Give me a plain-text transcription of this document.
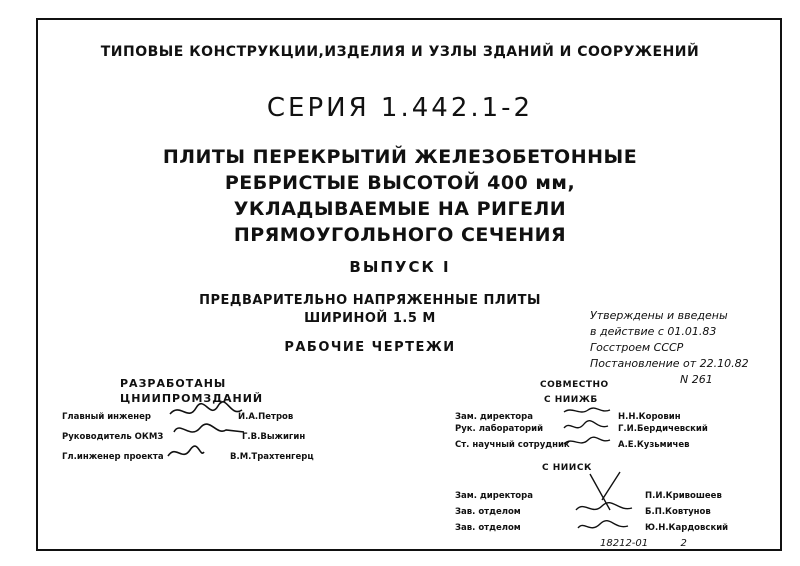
ТИПОВЫЕ КОНСТРУКЦИИ,ИЗДЕЛИЯ И УЗЛЫ ЗДАНИЙ И СООРУЖЕНИЙ
СЕРИЯ 1.442.1-2
ПЛИТЫ ПЕРЕКРЫТИЙ ЖЕЛЕЗОБЕТОННЫЕ
РЕБРИСТЫЕ ВЫСОТОЙ 400 мм,
УКЛАДЫВАЕМЫЕ НА РИГЕЛИ
ПРЯМОУГОЛЬНОГО СЕЧЕНИЯ
ВЫПУСК I
ПРЕДВАРИТЕЛЬНО НАПРЯЖЕННЫЕ ПЛИТЫ
ШИРИНОЙ 1.5 М
РАБОЧИЕ ЧЕРТЕЖИ
Утверждены и введены
в действие с 01.01.83
Госстроем СССР
Постановление от 22.10.82
N 261
РАЗРАБОТАНЫ
ЦНИИПРОМЗДАНИЙ
Главный инженер	И.А.Петров
Руководитель ОКМЗ	Г.В.Выжигин
Гл.инженер проекта	В.М.Трахтенгерц
СОВМЕСТНО
С НИИЖБ
Зам. директора	Н.Н.Коровин
Рук. лабораторий	Г.И.Бердичевский
Ст. научный сотрудник	А.Е.Кузьмичев
С НИИСК
Зам. директора	П.И.Кривошеев
Зав. отделом	Б.П.Ковтунов
Зав. отделом	Ю.Н.Кардовский
18212-01	2
